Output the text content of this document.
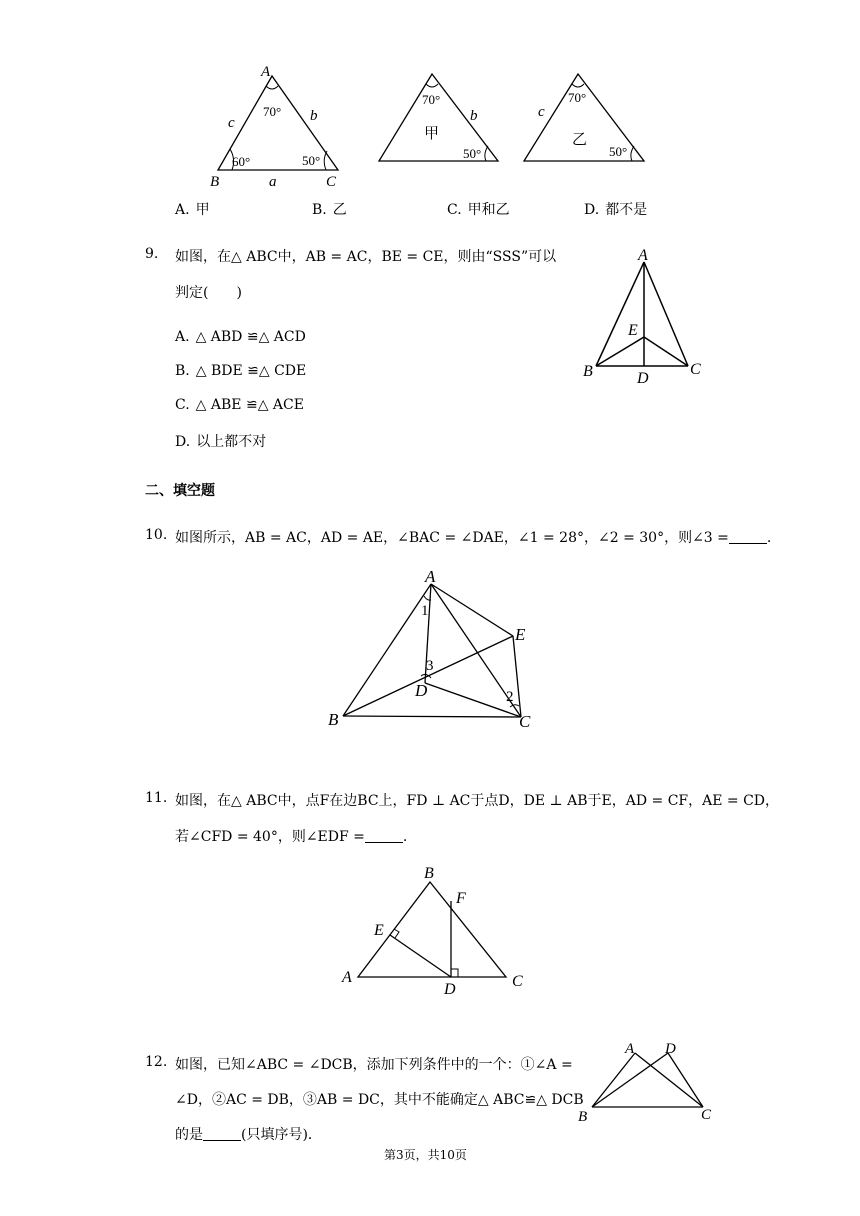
A
B	C
a
b
c
70°
60°	50°
70°
50°
b
甲
70°
50°
c
乙
A. 甲	B. 乙	C. 甲和乙	D. 都不是
9. 如图，在△ ABC中，AB = AC，BE = CE，则由“SSS”可以
判定(　　)
A. △ ABD ≌△ ACD
B. △ BDE ≌△ CDE
C. △ ABE ≌△ ACE
D. 以上都不对
A
B	C
D
E
二、填空题
10. 如图所示，AB = AC，AD = AE，∠BAC = ∠DAE，∠1 = 28°，∠2 = 30°，则∠3 =	.
A
B	C
D
E
1
2
3
11. 如图，在△ ABC中，点F在边BC上，FD ⊥ AC于点D，DE ⊥ AB于E，AD = CF，AE = CD，
若∠CFD = 40°，则∠EDF =	.
B
F
E
A
D	C
12. 如图，已知∠ABC = ∠DCB，添加下列条件中的一个：①∠A =
∠D，②AC = DB，③AB = DC，其中不能确定△ ABC≌△ DCB
的是	(只填序号)．
A D
B	C
第3页，共10页
